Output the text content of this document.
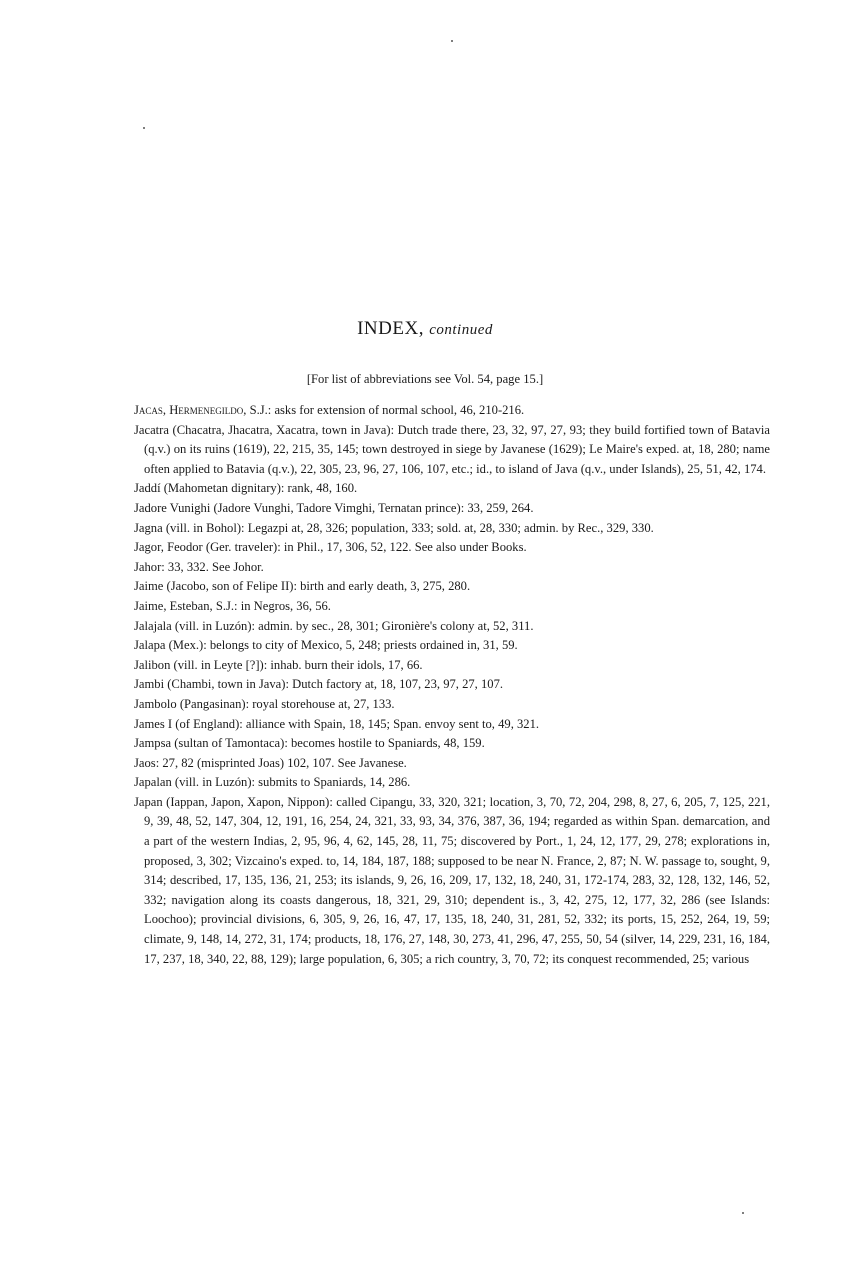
INDEX, continued
[For list of abbreviations see Vol. 54, page 15.]

Jacas, Hermenegildo, S.J.: asks for extension of normal school, 46, 210-216.

Jacatra (Chacatra, Jhacatra, Xacatra, town in Java): Dutch trade there, 23, 32, 97, 27, 93; they build fortified town of Batavia (q.v.) on its ruins (1619), 22, 215, 35, 145; town destroyed in siege by Javanese (1629); Le Maire's exped. at, 18, 280; name often applied to Batavia (q.v.), 22, 305, 23, 96, 27, 106, 107, etc.; id., to island of Java (q.v., under Islands), 25, 51, 42, 174.

Jaddí (Mahometan dignitary): rank, 48, 160.

Jadore Vunighi (Jadore Vunghi, Tadore Vimghi, Ternatan prince): 33, 259, 264.

Jagna (vill. in Bohol): Legazpi at, 28, 326; population, 333; sold. at, 28, 330; admin. by Rec., 329, 330.

Jagor, Feodor (Ger. traveler): in Phil., 17, 306, 52, 122. See also under Books.

Jahor: 33, 332. See Johor.

Jaime (Jacobo, son of Felipe II): birth and early death, 3, 275, 280.

Jaime, Esteban, S.J.: in Negros, 36, 56.

Jalajala (vill. in Luzón): admin. by sec., 28, 301; Gironière's colony at, 52, 311.

Jalapa (Mex.): belongs to city of Mexico, 5, 248; priests ordained in, 31, 59.

Jalibon (vill. in Leyte [?]): inhab. burn their idols, 17, 66.

Jambi (Chambi, town in Java): Dutch factory at, 18, 107, 23, 97, 27, 107.

Jambolo (Pangasinan): royal storehouse at, 27, 133.

James I (of England): alliance with Spain, 18, 145; Span. envoy sent to, 49, 321.

Jampsa (sultan of Tamontaca): becomes hostile to Spaniards, 48, 159.

Jaos: 27, 82 (misprinted Joas) 102, 107. See Javanese.

Japalan (vill. in Luzón): submits to Spaniards, 14, 286.

Japan (Iappan, Japon, Xapon, Nippon): called Cipangu, 33, 320, 321; location, 3, 70, 72, 204, 298, 8, 27, 6, 205, 7, 125, 221, 9, 39, 48, 52, 147, 304, 12, 191, 16, 254, 24, 321, 33, 93, 34, 376, 387, 36, 194; regarded as within Span. demarcation, and a part of the western Indias, 2, 95, 96, 4, 62, 145, 28, 11, 75; discovered by Port., 1, 24, 12, 177, 29, 278; explorations in, proposed, 3, 302; Vizcaino's exped. to, 14, 184, 187, 188; supposed to be near N. France, 2, 87; N. W. passage to, sought, 9, 314; described, 17, 135, 136, 21, 253; its islands, 9, 26, 16, 209, 17, 132, 18, 240, 31, 172-174, 283, 32, 128, 132, 146, 52, 332; navigation along its coasts dangerous, 18, 321, 29, 310; dependent is., 3, 42, 275, 12, 177, 32, 286 (see Islands: Loochoo); provincial divisions, 6, 305, 9, 26, 16, 47, 17, 135, 18, 240, 31, 281, 52, 332; its ports, 15, 252, 264, 19, 59; climate, 9, 148, 14, 272, 31, 174; products, 18, 176, 27, 148, 30, 273, 41, 296, 47, 255, 50, 54 (silver, 14, 229, 231, 16, 184, 17, 237, 18, 340, 22, 88, 129); large population, 6, 305; a rich country, 3, 70, 72; its conquest recommended, 25; various
